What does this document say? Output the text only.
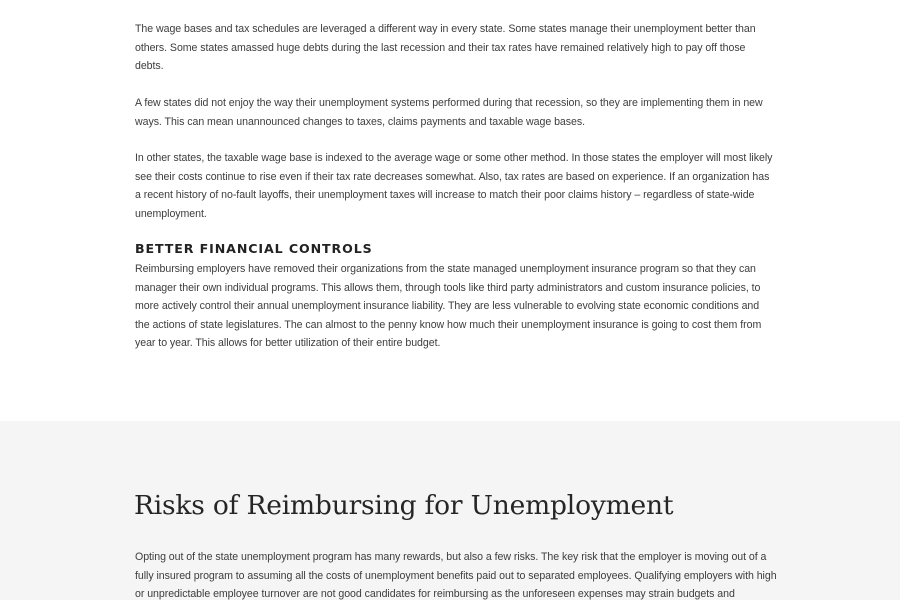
The wage bases and tax schedules are leveraged a different way in every state. Some states manage their unemployment better than others. Some states amassed huge debts during the last recession and their tax rates have remained relatively high to pay off those debts.

A few states did not enjoy the way their unemployment systems performed during that recession, so they are implementing them in new ways. This can mean unannounced changes to taxes, claims payments and taxable wage bases.

In other states, the taxable wage base is indexed to the average wage or some other method. In those states the employer will most likely see their costs continue to rise even if their tax rate decreases somewhat. Also, tax rates are based on experience. If an organization has a recent history of no-fault layoffs, their unemployment taxes will increase to match their poor claims history – regardless of state-wide unemployment.

BETTER FINANCIAL CONTROLS

Reimbursing employers have removed their organizations from the state managed unemployment insurance program so that they can manager their own individual programs. This allows them, through tools like third party administrators and custom insurance policies, to more actively control their annual unemployment insurance liability. They are less vulnerable to evolving state economic conditions and the actions of state legislatures. The can almost to the penny know how much their unemployment insurance is going to cost them from year to year. This allows for better utilization of their entire budget.

Risks of Reimbursing for Unemployment

Opting out of the state unemployment program has many rewards, but also a few risks. The key risk that the employer is moving out of a fully insured program to assuming all the costs of unemployment benefits paid out to separated employees. Qualifying employers with high or unpredictable employee turnover are not good candidates for reimbursing as the unforeseen expenses may strain budgets and
